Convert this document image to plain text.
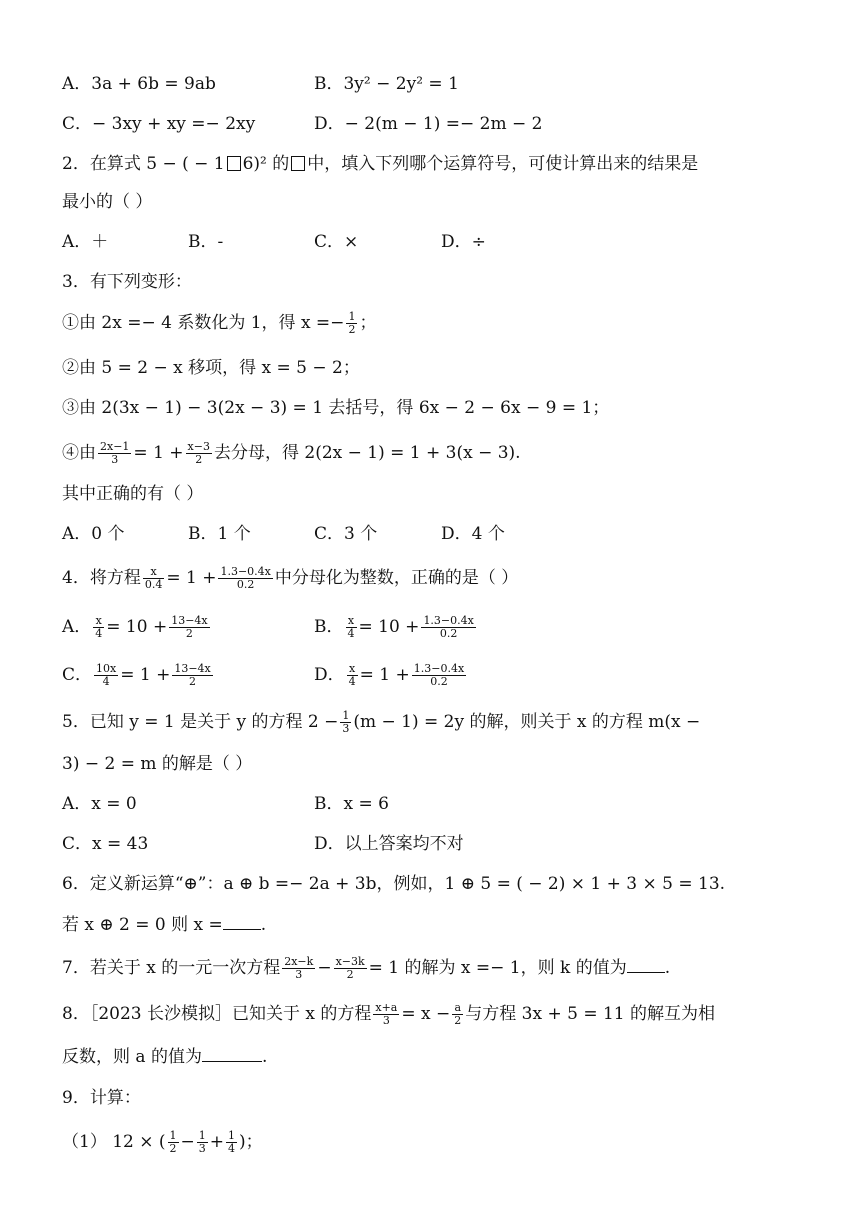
A．3a + 6b = 9ab	B．3y² − 2y² = 1
C．− 3xy + xy =− 2xy	D．− 2(m − 1) =− 2m − 2
2．在算式 5 − ( − 1 6)² 的 中，填入下列哪个运算符号，可使计算出来的结果是
最小的（ ）
A．＋	B．-	C．×	D．÷
3．有下列变形：
①由 2x =− 4 系数化为 1，得 $x =- \frac{1}{2}$ ；
②由 5 = 2 − x 移项，得 x = 5 − 2；
③由 2(3x − 1) − 3(2x − 3) = 1 去括号，得 6x − 2 − 6x − 9 = 1；
④由 $\frac{2x-1}{3} = 1 + \frac{x-3}{2}$ 去分母，得 2(2x − 1) = 1 + 3(x − 3).
其中正确的有（ ）
A．0 个	B．1 个	C．3 个	D．4 个
4．将方程 $\frac{x}{0.4} = 1 + \frac{1.3-0.4x}{0.2}$ 中分母化为整数，正确的是（ ）
A． $\frac{x}{4} = 10 + \frac{13-4x}{2}$	B． $\frac{x}{4} = 10 + \frac{1.3-0.4x}{0.2}$
C． $\frac{10x}{4} = 1 + \frac{13-4x}{2}$	D． $\frac{x}{4} = 1 + \frac{1.3-0.4x}{0.2}$
5．已知 y = 1 是关于 y 的方程 $2 - \frac{1}{3} (m - 1) = 2y$ 的解，则关于 x 的方程 m(x −
3) − 2 = m 的解是（ ）
A．x = 0	B．x = 6
C．x = 43	D．以上答案均不对
6．定义新运算“⊕”：a ⊕ b =− 2a + 3b，例如，1 ⊕ 5 = ( − 2) × 1 + 3 × 5 = 13.
若 x ⊕ 2 = 0 则 x = .
7．若关于 x 的一元一次方程 $\frac{2x-k}{3} - \frac{x-3k}{2} = 1$ 的解为 x =− 1，则 k 的值为 .
8．［2023 长沙模拟］已知关于 x 的方程 $\frac{x+a}{3} = x - \frac{a}{2}$ 与方程 3x + 5 = 11 的解互为相
反数，则 a 的值为	.
9．计算：
（1） 12 × ( $\frac{1}{2} - \frac{1}{3} + \frac{1}{4}$ )；
